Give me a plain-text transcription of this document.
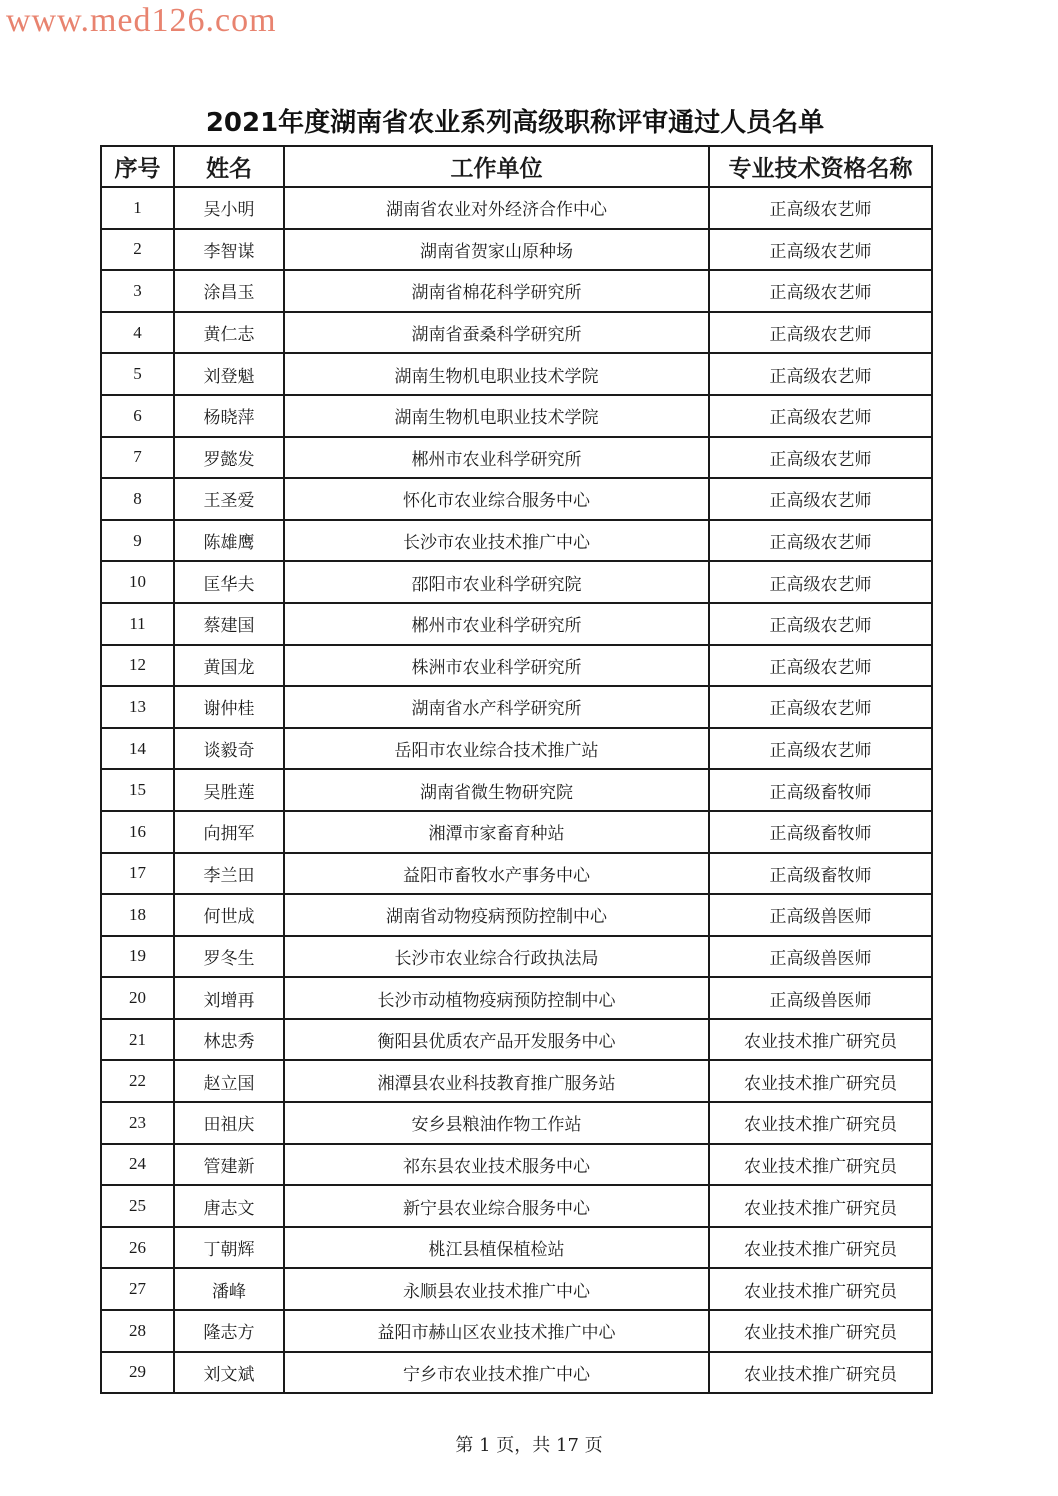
www.med126.com
2021年度湖南省农业系列高级职称评审通过人员名单
序号	姓名	工作单位	专业技术资格名称
1	吴小明	湖南省农业对外经济合作中心	正高级农艺师
2	李智谋	湖南省贺家山原种场	正高级农艺师
3	涂昌玉	湖南省棉花科学研究所	正高级农艺师
4	黄仁志	湖南省蚕桑科学研究所	正高级农艺师
5	刘登魁	湖南生物机电职业技术学院	正高级农艺师
6	杨晓萍	湖南生物机电职业技术学院	正高级农艺师
7	罗懿发	郴州市农业科学研究所	正高级农艺师
8	王圣爱	怀化市农业综合服务中心	正高级农艺师
9	陈雄鹰	长沙市农业技术推广中心	正高级农艺师
10	匡华夫	邵阳市农业科学研究院	正高级农艺师
11	蔡建国	郴州市农业科学研究所	正高级农艺师
12	黄国龙	株洲市农业科学研究所	正高级农艺师
13	谢仲桂	湖南省水产科学研究所	正高级农艺师
14	谈毅奇	岳阳市农业综合技术推广站	正高级农艺师
15	吴胜莲	湖南省微生物研究院	正高级畜牧师
16	向拥军	湘潭市家畜育种站	正高级畜牧师
17	李兰田	益阳市畜牧水产事务中心	正高级畜牧师
18	何世成	湖南省动物疫病预防控制中心	正高级兽医师
19	罗冬生	长沙市农业综合行政执法局	正高级兽医师
20	刘增再	长沙市动植物疫病预防控制中心	正高级兽医师
21	林忠秀	衡阳县优质农产品开发服务中心	农业技术推广研究员
22	赵立国	湘潭县农业科技教育推广服务站	农业技术推广研究员
23	田祖庆	安乡县粮油作物工作站	农业技术推广研究员
24	管建新	祁东县农业技术服务中心	农业技术推广研究员
25	唐志文	新宁县农业综合服务中心	农业技术推广研究员
26	丁朝辉	桃江县植保植检站	农业技术推广研究员
27	潘峰	永顺县农业技术推广中心	农业技术推广研究员
28	隆志方	益阳市赫山区农业技术推广中心	农业技术推广研究员
29	刘文斌	宁乡市农业技术推广中心	农业技术推广研究员
第 1 页，共 17 页
